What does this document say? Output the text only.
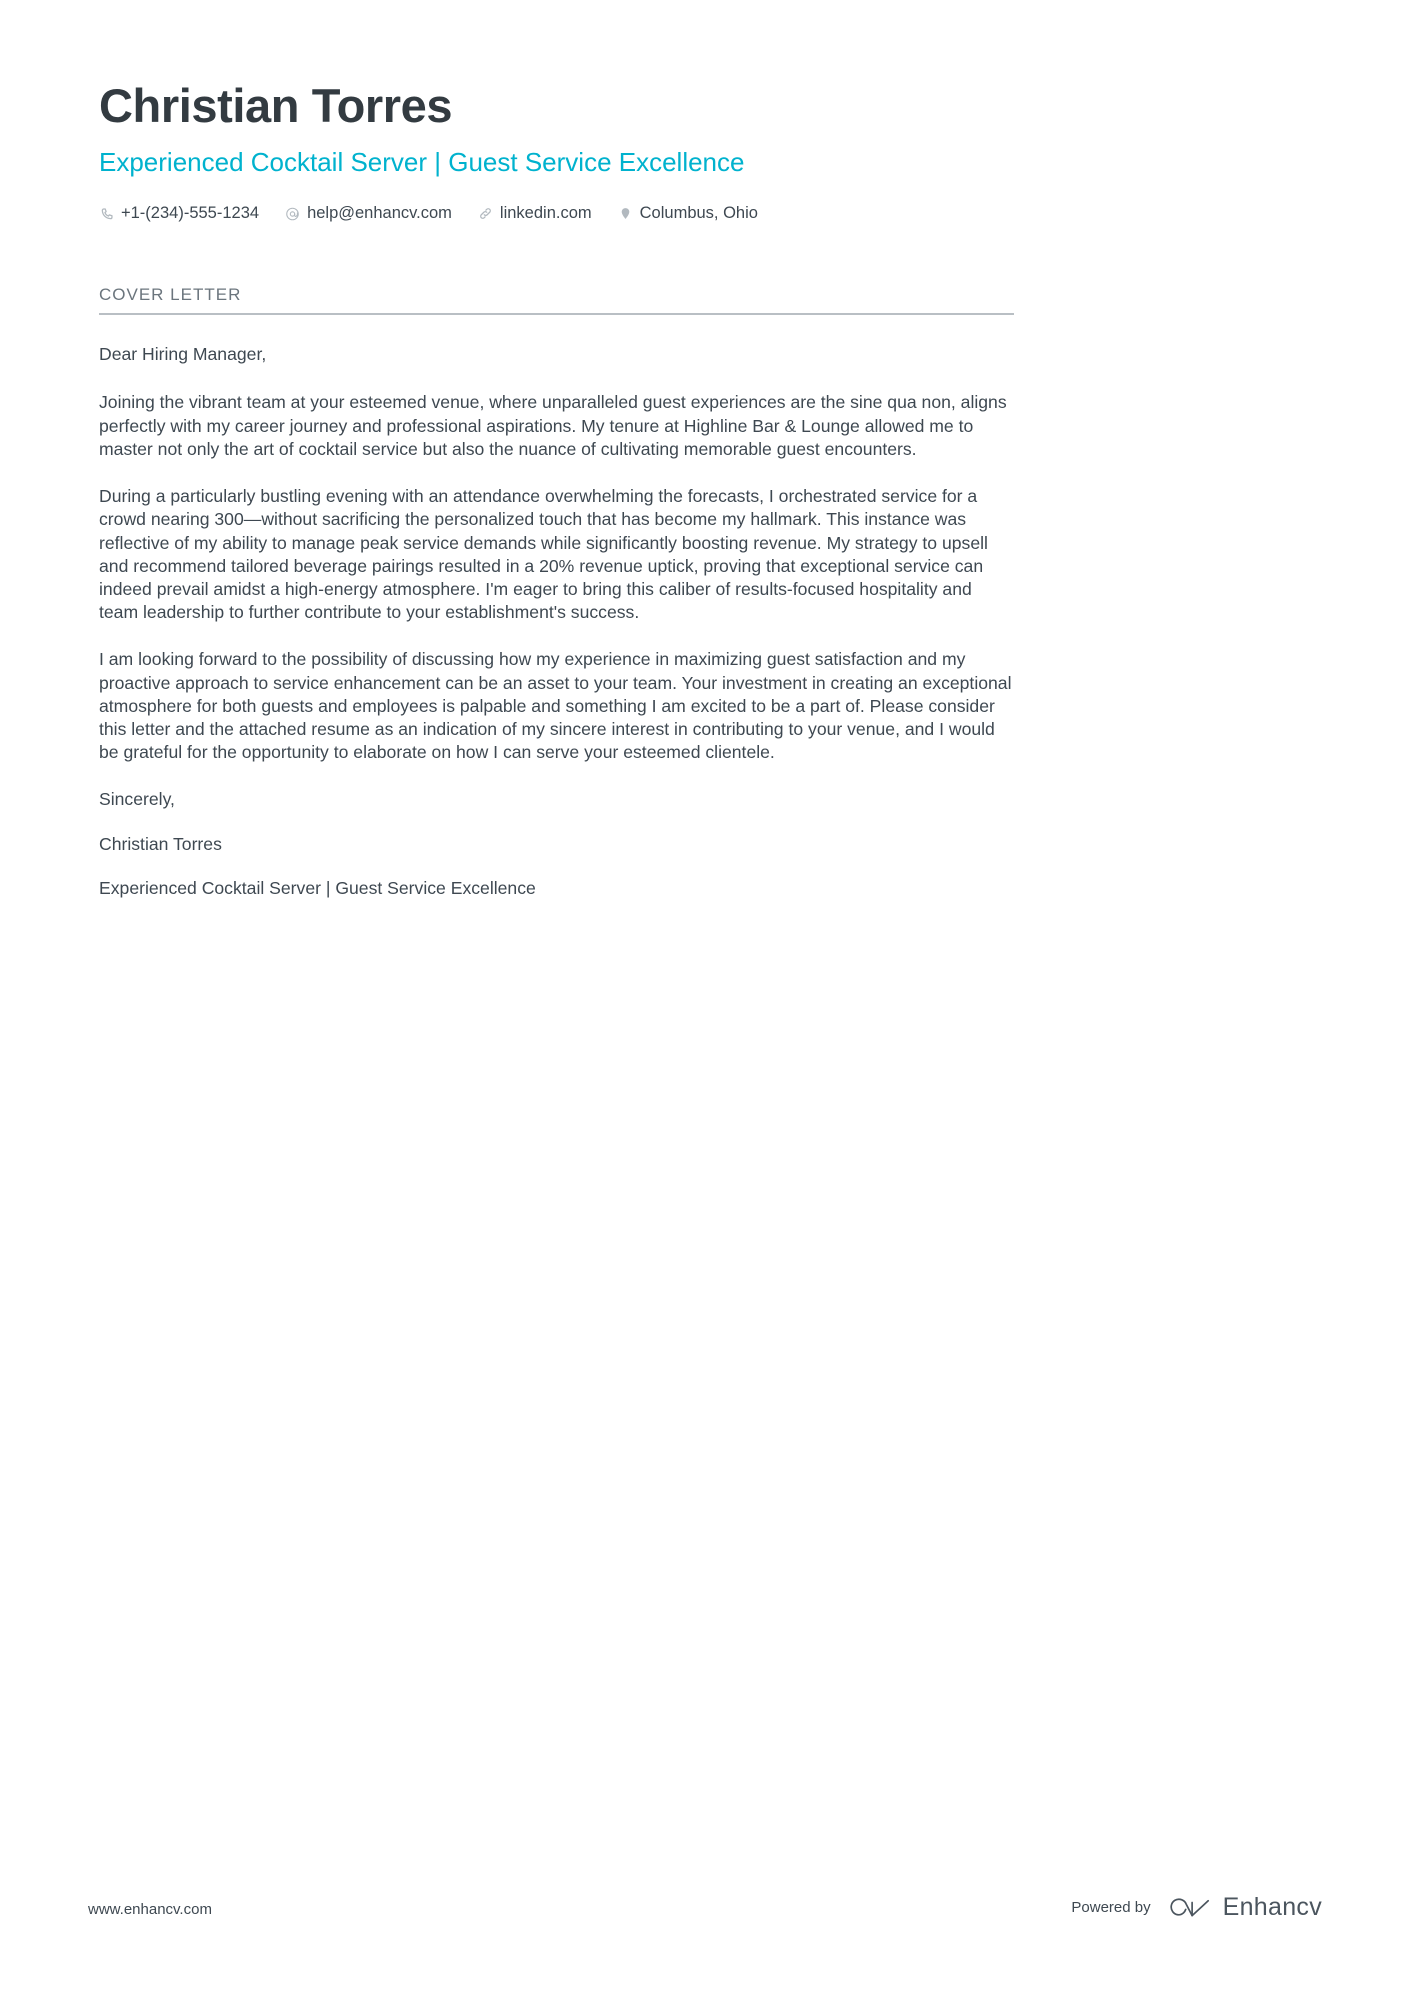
Christian Torres
Experienced Cocktail Server | Guest Service Excellence
+1-(234)-555-1234	help@enhancv.com	linkedin.com	Columbus, Ohio
COVER LETTER

Dear Hiring Manager,

Joining the vibrant team at your esteemed venue, where unparalleled guest experiences are the sine qua non, aligns perfectly with my career journey and professional aspirations. My tenure at Highline Bar & Lounge allowed me to master not only the art of cocktail service but also the nuance of cultivating memorable guest encounters.

During a particularly bustling evening with an attendance overwhelming the forecasts, I orchestrated service for a crowd nearing 300—without sacrificing the personalized touch that has become my hallmark. This instance was reflective of my ability to manage peak service demands while significantly boosting revenue. My strategy to upsell and recommend tailored beverage pairings resulted in a 20% revenue uptick, proving that exceptional service can indeed prevail amidst a high-energy atmosphere. I'm eager to bring this caliber of results-focused hospitality and team leadership to further contribute to your establishment's success.

I am looking forward to the possibility of discussing how my experience in maximizing guest satisfaction and my proactive approach to service enhancement can be an asset to your team. Your investment in creating an exceptional atmosphere for both guests and employees is palpable and something I am excited to be a part of. Please consider this letter and the attached resume as an indication of my sincere interest in contributing to your venue, and I would be grateful for the opportunity to elaborate on how I can serve your esteemed clientele.

Sincerely,

Christian Torres

Experienced Cocktail Server | Guest Service Excellence

www.enhancv.com	Powered by	Enhancv
